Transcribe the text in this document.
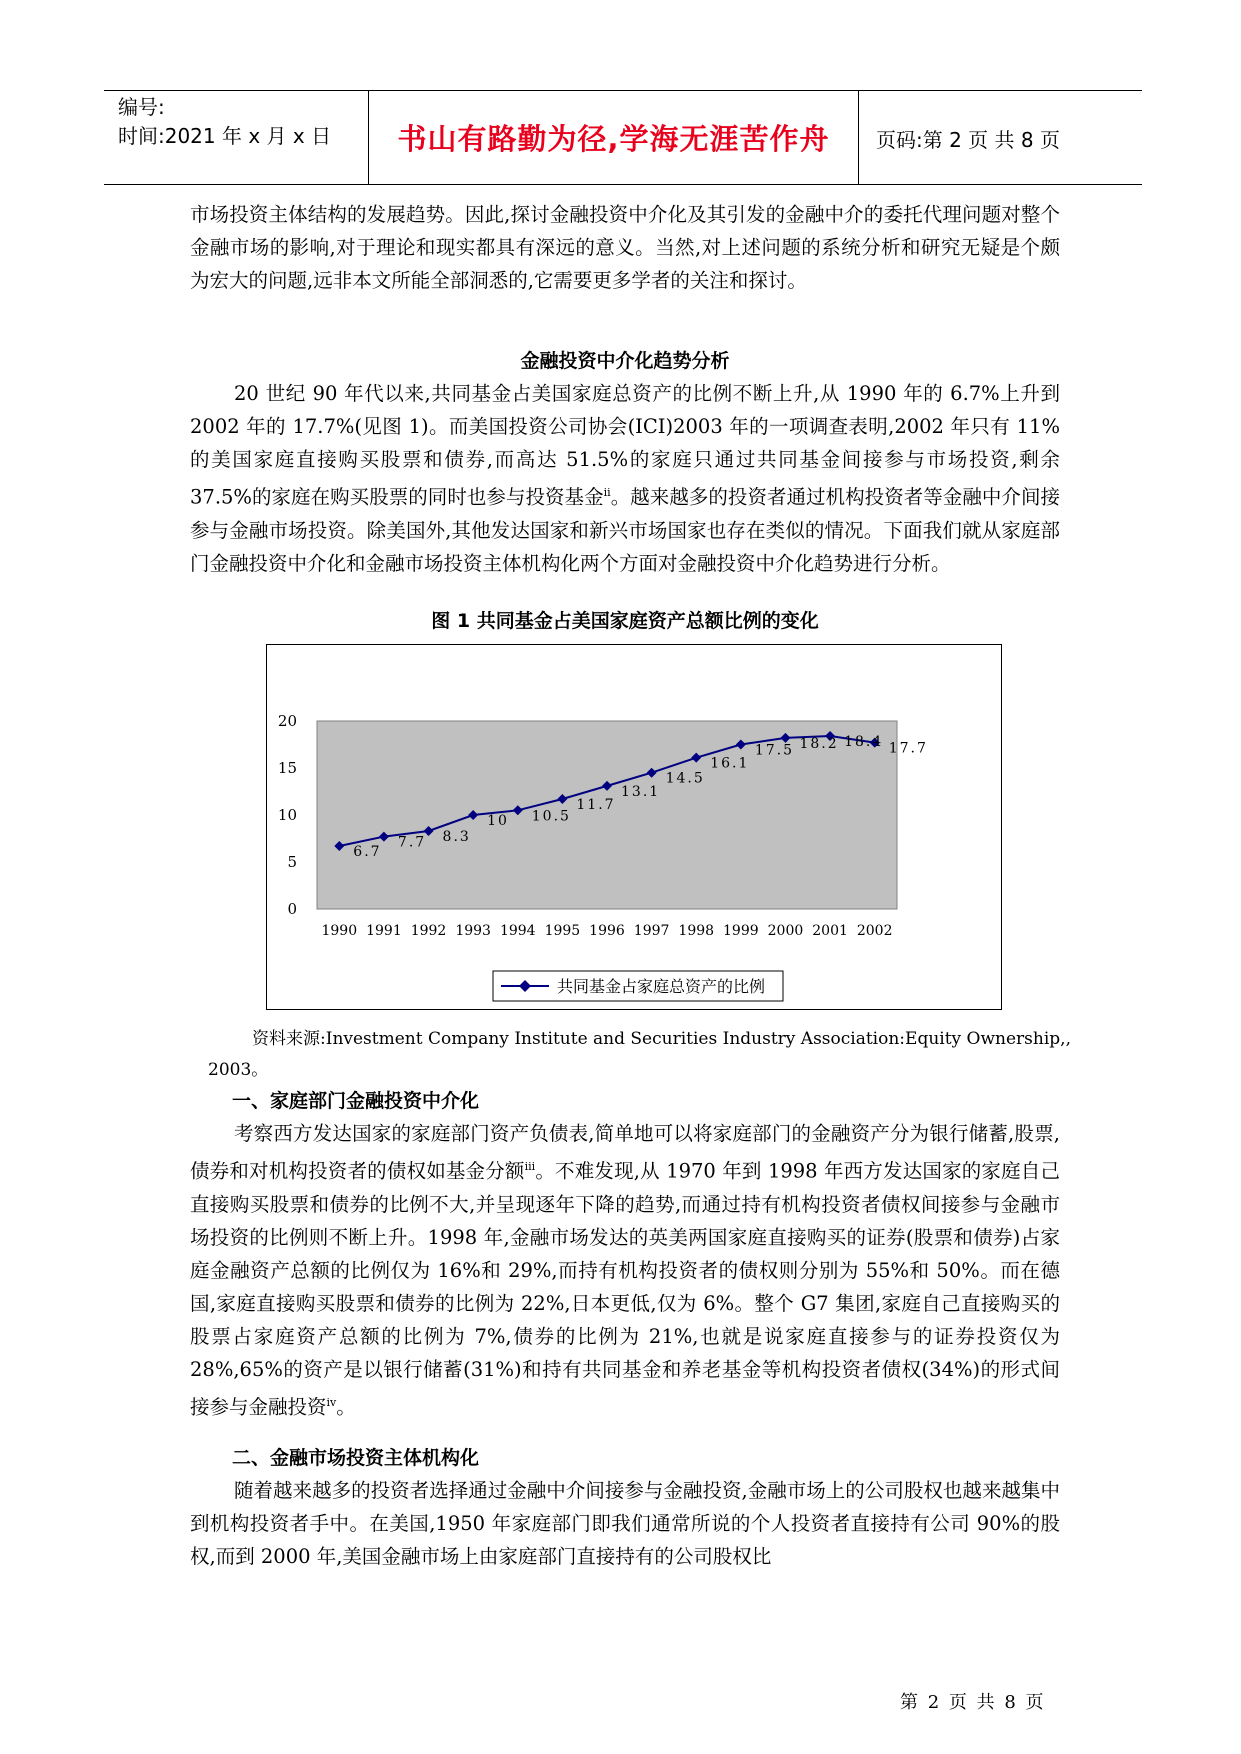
编号:
时间:2021 年 x 月 x 日	书山有路勤为径,学海无涯苦作舟	页码:第 2 页 共 8 页
市场投资主体结构的发展趋势。因此,探讨金融投资中介化及其引发的金融中介的委托代理问题对整个金融市场的影响,对于理论和现实都具有深远的意义。当然,对上述问题的系统分析和研究无疑是个颇为宏大的问题,远非本文所能全部洞悉的,它需要更多学者的关注和探讨。
金融投资中介化趋势分析
20 世纪 90 年代以来,共同基金占美国家庭总资产的比例不断上升,从 1990 年的 6.7%上升到 2002 年的 17.7%(见图 1)。而美国投资公司协会(ICI)2003 年的一项调查表明,2002 年只有 11%的美国家庭直接购买股票和债券,而高达 51.5%的家庭只通过共同基金间接参与市场投资,剩余 37.5%的家庭在购买股票的同时也参与投资基金$^{ii}$。越来越多的投资者通过机构投资者等金融中介间接参与金融市场投资。除美国外,其他发达国家和新兴市场国家也存在类似的情况。下面我们就从家庭部门金融投资中介化和金融市场投资主体机构化两个方面对金融投资中介化趋势进行分析。
图 1 共同基金占美国家庭资产总额比例的变化
0
5
10
15
20
1990 1991 1992 1993 1994 1995 1996 1997 1998 1999 2000 2001 2002
6.7
7.7 8.3
10 10.5
11.7
13.1
14.5
16.1
17.5 18.2 18.4 17.7
共同基金占家庭总资产的比例
资料来源:Investment Company Institute and Securities Industry Association:Equity Ownership,,
2003。
一、家庭部门金融投资中介化
考察西方发达国家的家庭部门资产负债表,简单地可以将家庭部门的金融资产分为银行储蓄,股票,债券和对机构投资者的债权如基金分额$^{iii}$。不难发现,从 1970 年到 1998 年西方发达国家的家庭自己直接购买股票和债券的比例不大,并呈现逐年下降的趋势,而通过持有机构投资者债权间接参与金融市场投资的比例则不断上升。1998 年,金融市场发达的英美两国家庭直接购买的证券(股票和债券)占家庭金融资产总额的比例仅为 16%和 29%,而持有机构投资者的债权则分别为 55%和 50%。而在德国,家庭直接购买股票和债券的比例为 22%,日本更低,仅为 6%。整个 G7 集团,家庭自己直接购买的股票占家庭资产总额的比例为 7%,债券的比例为 21%,也就是说家庭直接参与的证券投资仅为 28%,65%的资产是以银行储蓄(31%)和持有共同基金和养老基金等机构投资者债权(34%)的形式间接参与金融投资$^{iv}$。
二、金融市场投资主体机构化
随着越来越多的投资者选择通过金融中介间接参与金融投资,金融市场上的公司股权也越来越集中到机构投资者手中。在美国,1950 年家庭部门即我们通常所说的个人投资者直接持有公司 90%的股权,而到 2000 年,美国金融市场上由家庭部门直接持有的公司股权比
第 2 页 共 8 页
